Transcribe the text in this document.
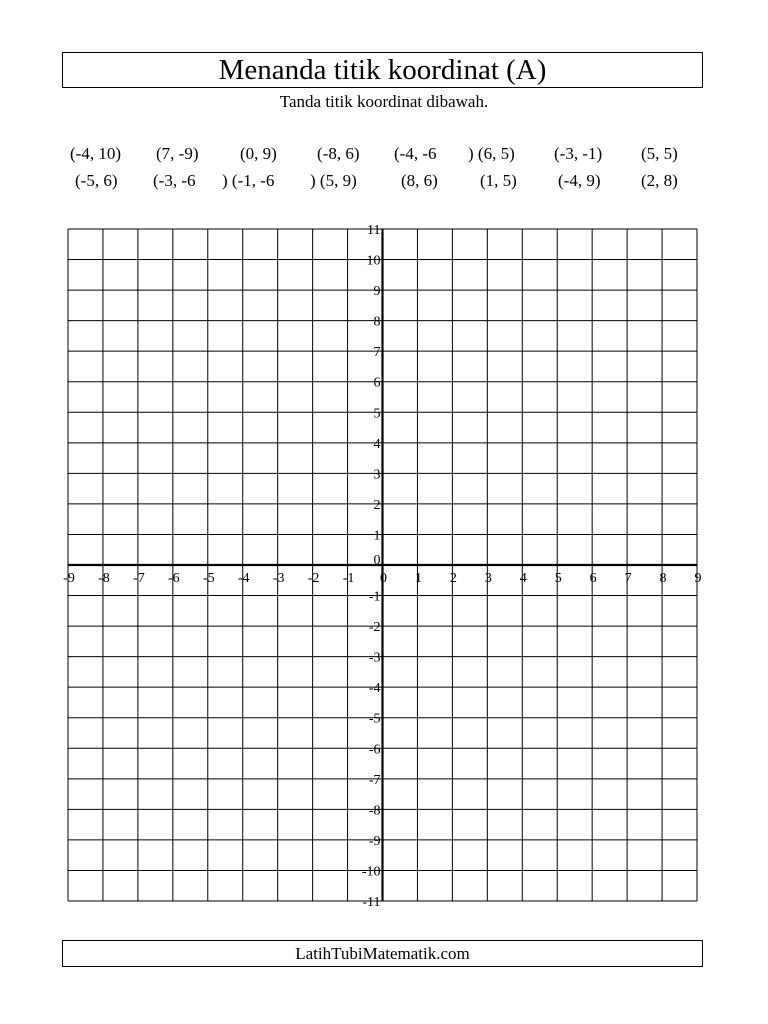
Menanda titik koordinat (A)
Tanda titik koordinat dibawah.
(-4, 10) (7, -9) (0, 9) (-8, 6) (-4, -6 ) (6, 5) (-3, -1) (5, 5)
(-5, 6) (-3, -6 ) (-1, -6 ) (5, 9)	(8, 6) (1, 5) (-4, 9) (2, 8)
-9 -8 -7 -6 -5 -4 -3 -2 -1 0 1 2 3 4 5 6 7 8 9
11
10
9
8
7
6
5
4
3
2
1
-1
-2
-3
-4
-5
-6
-7
-8
-9
-10
-11
0
LatihTubiMatematik.com
